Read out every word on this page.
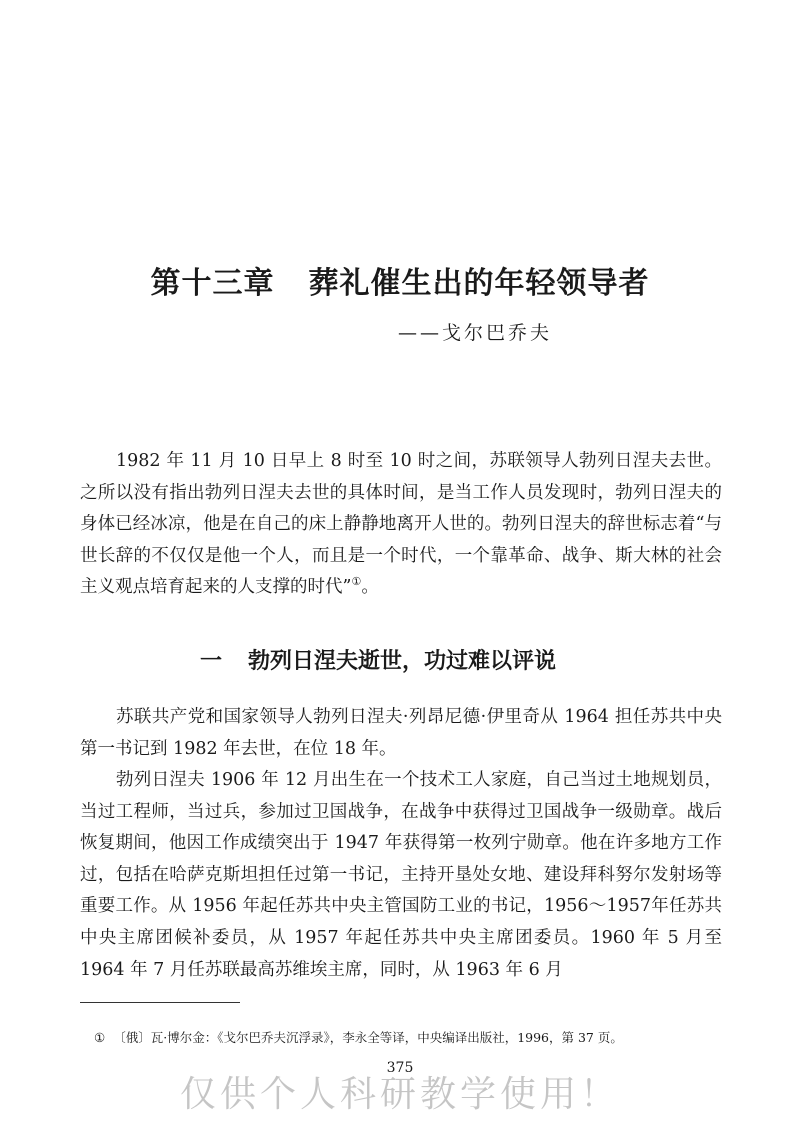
第十三章 葬礼催生出的年轻领导者
——戈尔巴乔夫

1982 年 11 月 10 日早上 8 时至 10 时之间，苏联领导人勃列日涅夫去世。之所以没有指出勃列日涅夫去世的具体时间，是当工作人员发现时，勃列日涅夫的身体已经冰凉，他是在自己的床上静静地离开人世的。勃列日涅夫的辞世标志着“与世长辞的不仅仅是他一个人，而且是一个时代，一个靠革命、战争、斯大林的社会主义观点培育起来的人支撑的时代”①。

一 勃列日涅夫逝世，功过难以评说

苏联共产党和国家领导人勃列日涅夫·列昂尼德·伊里奇从 1964 担任苏共中央第一书记到 1982 年去世，在位 18 年。

勃列日涅夫 1906 年 12 月出生在一个技术工人家庭，自己当过土地规划员，当过工程师，当过兵，参加过卫国战争，在战争中获得过卫国战争一级勋章。战后恢复期间，他因工作成绩突出于 1947 年获得第一枚列宁勋章。他在许多地方工作过，包括在哈萨克斯坦担任过第一书记，主持开垦处女地、建设拜科努尔发射场等重要工作。从 1956 年起任苏共中央主管国防工业的书记，1956～1957年任苏共中央主席团候补委员，从 1957 年起任苏共中央主席团委员。1960 年 5 月至 1964 年 7 月任苏联最高苏维埃主席，同时，从 1963 年 6 月

① 〔俄〕瓦·博尔金：《戈尔巴乔夫沉浮录》，李永全等译，中央编译出版社，1996，第 37 页。
375
仅供个人科研教学使用！
